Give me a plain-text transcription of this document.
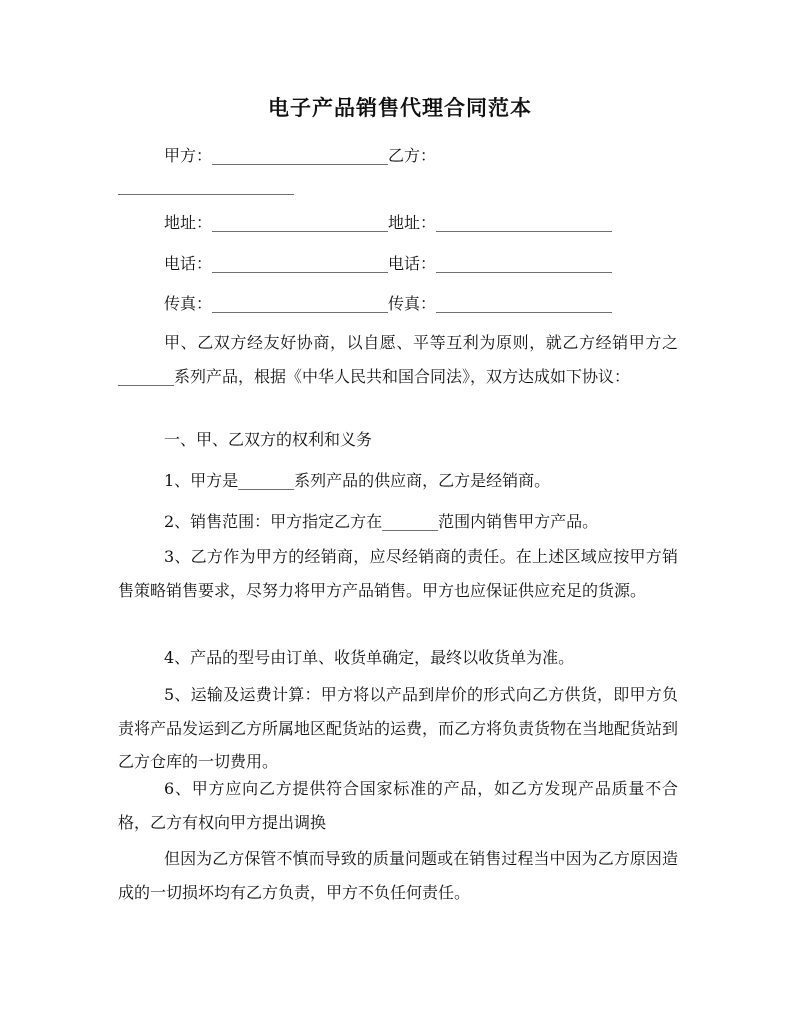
电子产品销售代理合同范本
甲方：______________________乙方：
______________________
地址：______________________地址：______________________
电话：______________________电话：______________________
传真：______________________传真：______________________
甲、乙双方经友好协商，以自愿、平等互利为原则，就乙方经销甲方之_______系列产品，根据《中华人民共和国合同法》，双方达成如下协议：
一、甲、乙双方的权利和义务
1、甲方是_______系列产品的供应商，乙方是经销商。
2、销售范围：甲方指定乙方在_______范围内销售甲方产品。
3、乙方作为甲方的经销商，应尽经销商的责任。在上述区域应按甲方销售策略销售要求，尽努力将甲方产品销售。甲方也应保证供应充足的货源。
4、产品的型号由订单、收货单确定，最终以收货单为准。
5、运输及运费计算：甲方将以产品到岸价的形式向乙方供货，即甲方负责将产品发运到乙方所属地区配货站的运费，而乙方将负责货物在当地配货站到乙方仓库的一切费用。
6、甲方应向乙方提供符合国家标准的产品，如乙方发现产品质量不合格，乙方有权向甲方提出调换
但因为乙方保管不慎而导致的质量问题或在销售过程当中因为乙方原因造成的一切损坏均有乙方负责，甲方不负任何责任。
